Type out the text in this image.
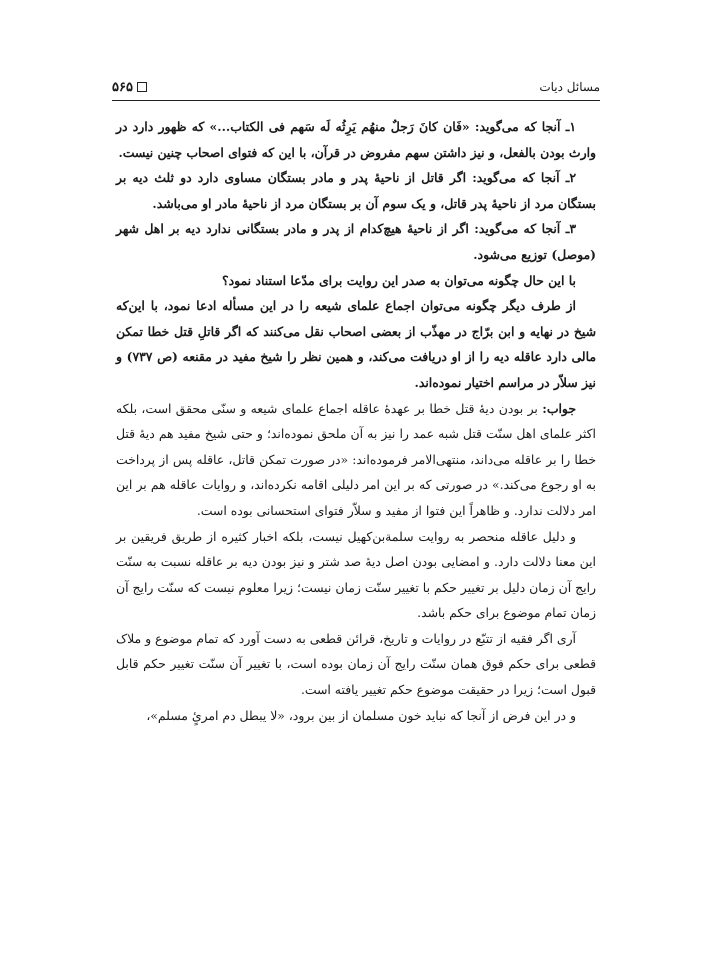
مسائل دیات
۵۶۵

۱ـ آنجا که می‌گوید: «فَان کانَ رَجلٌ منهُم یَرِثُه لَه سَهم فی الکتاب...» که ظهور دارد در وارث بودن بالفعل، و نیز داشتن سهم مفروض در قرآن، با این که فتوای اصحاب چنین نیست.

۲ـ آنجا که می‌گوید: اگر قاتل از ناحیهٔ پدر و مادر بستگان مساوی دارد دو ثلث دیه بر بستگان مرد از ناحیهٔ پدر قاتل، و یک سوم آن بر بستگان مرد از ناحیهٔ مادر او می‌باشد.

۳ـ آنجا که می‌گوید: اگر از ناحیهٔ هیچ‌کدام از پدر و مادر بستگانی ندارد دیه بر اهل شهر (موصل) توزیع می‌شود.

با این حال چگونه می‌توان به صدر این روایت برای مدّعا استناد نمود؟

از طرف دیگر چگونه می‌توان اجماع علمای شیعه را در این مسأله ادعا نمود، با این‌که شیخ در نهایه و ابن برّاج در مهذّب از بعضی اصحاب نقل می‌کنند که اگر قاتلِ قتل خطا تمکن مالی دارد عاقله دیه را از او دریافت می‌کند، و همین نظر را شیخ مفید در مقنعه (ص ۷۳۷) و نیز سلاّر در مراسم اختیار نموده‌اند.

جواب: بر بودن دیهٔ قتل خطا بر عهدهٔ عاقله اجماع علمای شیعه و سنّی محقق است، بلکه اکثر علمای اهل سنّت قتل شبه عمد را نیز به آن ملحق نموده‌اند؛ و حتی شیخ مفید هم دیهٔ قتل خطا را بر عاقله می‌داند، منتهی‌الامر فرموده‌اند: «در صورت تمکن قاتل، عاقله پس از پرداخت به او رجوع می‌کند.» در صورتی که بر این امر دلیلی اقامه نکرده‌اند، و روایات عاقله هم بر این امر دلالت ندارد. و ظاهراً این فتوا از مفید و سلاّر فتوای استحسانی بوده است.

و دلیل عاقله منحصر به روایت سلمةبن‌کهیل نیست، بلکه اخبار کثیره از طریق فریقین بر این معنا دلالت دارد. و امضایی بودن اصل دیهٔ صد شتر و نیز بودن دیه بر عاقله نسبت به سنّت رایج آن زمان دلیل بر تغییر حکم با تغییر سنّت زمان نیست؛ زیرا معلوم نیست که سنّت رایج آن زمان تمام موضوع برای حکم باشد.

آری اگر فقیه از تتبّع در روایات و تاریخ، قرائن قطعی به دست آورد که تمام موضوع و ملاک قطعی برای حکم فوق همان سنّت رایج آن زمان بوده است، با تغییر آن سنّت تغییر حکم قابل قبول است؛ زیرا در حقیقت موضوع حکم تغییر یافته است.

و در این فرض از آنجا که نباید خون مسلمان از بین برود، «لا یبطل دم امرئٍ مسلم»،
